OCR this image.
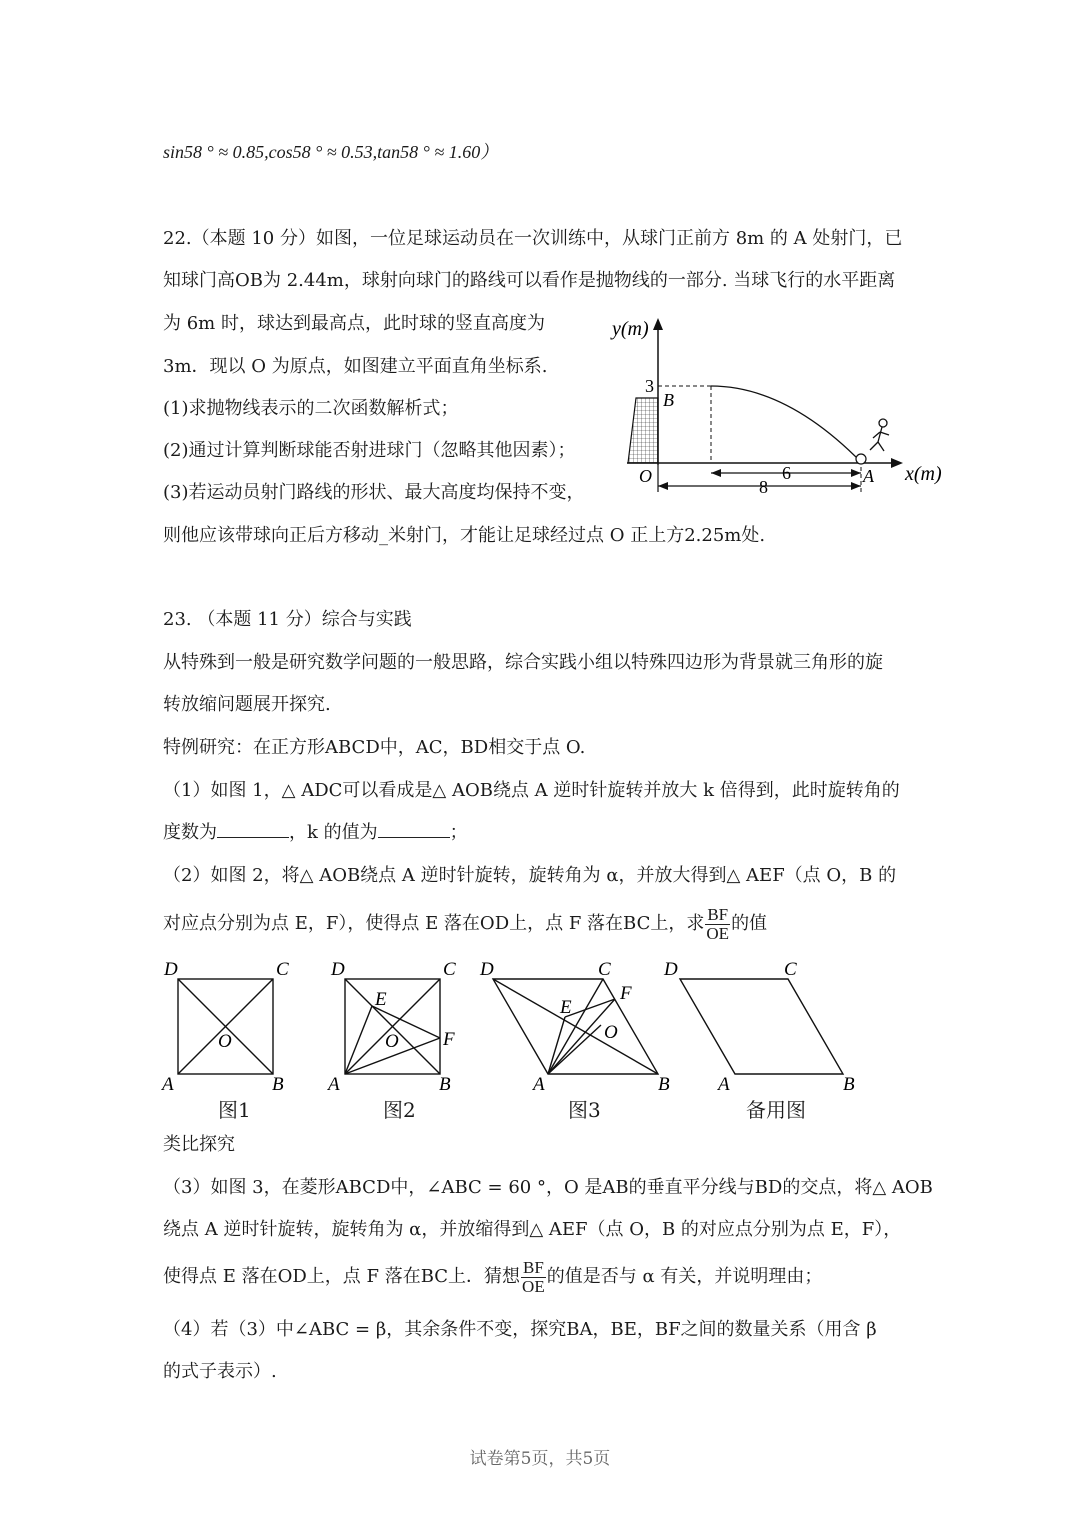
sin58 ° ≈ 0.85,cos58 ° ≈ 0.53,tan58 ° ≈ 1.60）
22.（本题 10 分）如图，一位足球运动员在一次训练中，从球门正前方 8m 的 A 处射门，已
知球门高OB为 2.44m，球射向球门的路线可以看作是抛物线的一部分. 当球飞行的水平距离
为 6m 时，球达到最高点，此时球的竖直高度为
3m．现以 O 为原点，如图建立平面直角坐标系.
(1)求抛物线表示的二次函数解析式；
(2)通过计算判断球能否射进球门（忽略其他因素）；
(3)若运动员射门路线的形状、最大高度均保持不变，
则他应该带球向正后方移动_米射门，才能让足球经过点 O 正上方2.25m处.
y(m)
3
B
O	A
6
8
x(m)
23. （本题 11 分）综合与实践
从特殊到一般是研究数学问题的一般思路，综合实践小组以特殊四边形为背景就三角形的旋
转放缩问题展开探究.
特例研究：在正方形ABCD中，AC，BD相交于点 O.
（1）如图 1，△ ADC可以看成是△ AOB绕点 A 逆时针旋转并放大 k 倍得到，此时旋转角的
度数为	，k 的值为	；
（2）如图 2，将△ AOB绕点 A 逆时针旋转，旋转角为 α，并放大得到△ AEF（点 O，B 的
对应点分别为点 E，F），使得点 E 落在OD上，点 F 落在BC上，求 $\frac{BF}{OE}$ 的值
D	C
O
A	B
D	C
E
O F
A	B
D	C
F
E
O
A	B
D	C
A	B
图1	图2	图3	备用图
类比探究
（3）如图 3，在菱形ABCD中，∠ABC = 60 °，O 是AB的垂直平分线与BD的交点，将△ AOB
绕点 A 逆时针旋转，旋转角为 α，并放缩得到△ AEF（点 O，B 的对应点分别为点 E，F），
使得点 E 落在OD上，点 F 落在BC上．猜想 $\frac{BF}{OE}$ 的值是否与 α 有关，并说明理由；
（4）若（3）中∠ABC = β，其余条件不变，探究BA，BE，BF之间的数量关系（用含 β
的式子表示）.
试卷第5页，共5页
